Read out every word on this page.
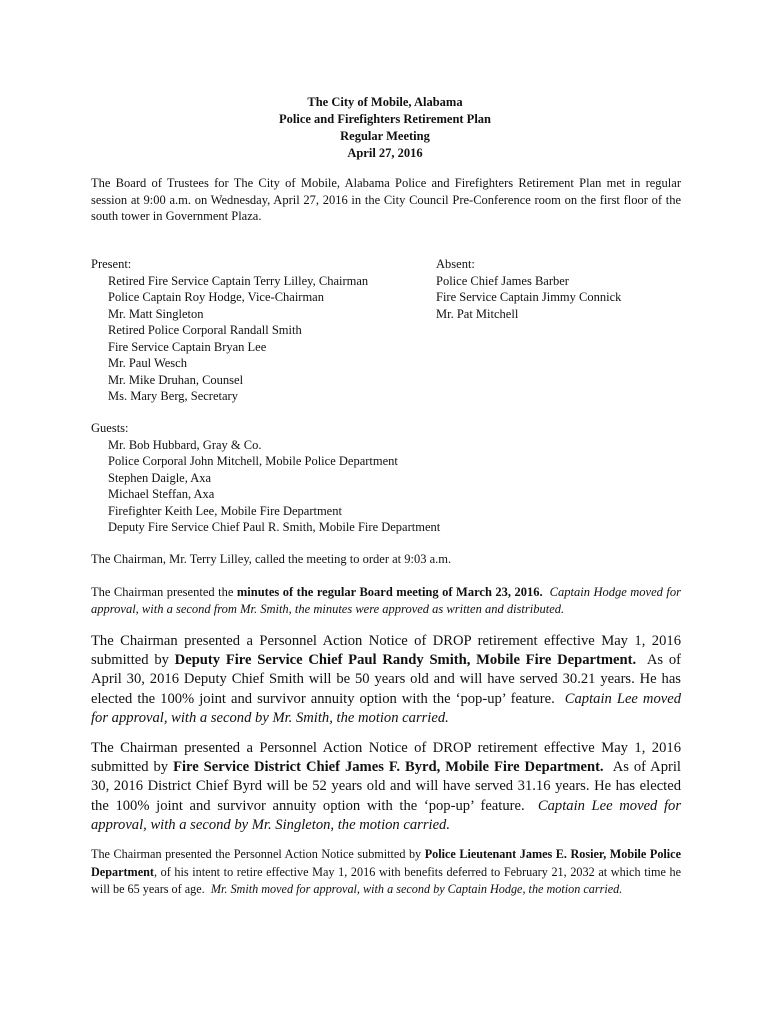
The City of Mobile, Alabama
Police and Firefighters Retirement Plan
Regular Meeting
April 27, 2016
The Board of Trustees for The City of Mobile, Alabama Police and Firefighters Retirement Plan met in regular session at 9:00 a.m. on Wednesday, April 27, 2016 in the City Council Pre-Conference room on the first floor of the south tower in Government Plaza.
Present:
Retired Fire Service Captain Terry Lilley, Chairman
Police Captain Roy Hodge, Vice-Chairman
Mr. Matt Singleton
Retired Police Corporal Randall Smith
Fire Service Captain Bryan Lee
Mr. Paul Wesch
Mr. Mike Druhan, Counsel
Ms. Mary Berg, Secretary
Absent:
Police Chief James Barber
Fire Service Captain Jimmy Connick
Mr. Pat Mitchell
Guests:
Mr. Bob Hubbard, Gray & Co.
Police Corporal John Mitchell, Mobile Police Department
Stephen Daigle, Axa
Michael Steffan, Axa
Firefighter Keith Lee, Mobile Fire Department
Deputy Fire Service Chief Paul R. Smith, Mobile Fire Department
The Chairman, Mr. Terry Lilley, called the meeting to order at 9:03 a.m.
The Chairman presented the minutes of the regular Board meeting of March 23, 2016. Captain Hodge moved for approval, with a second from Mr. Smith, the minutes were approved as written and distributed.
The Chairman presented a Personnel Action Notice of DROP retirement effective May 1, 2016 submitted by Deputy Fire Service Chief Paul Randy Smith, Mobile Fire Department. As of April 30, 2016 Deputy Chief Smith will be 50 years old and will have served 30.21 years. He has elected the 100% joint and survivor annuity option with the ‘pop-up’ feature. Captain Lee moved for approval, with a second by Mr. Smith, the motion carried.
The Chairman presented a Personnel Action Notice of DROP retirement effective May 1, 2016 submitted by Fire Service District Chief James F. Byrd, Mobile Fire Department. As of April 30, 2016 District Chief Byrd will be 52 years old and will have served 31.16 years. He has elected the 100% joint and survivor annuity option with the ‘pop-up’ feature. Captain Lee moved for approval, with a second by Mr. Singleton, the motion carried.
The Chairman presented the Personnel Action Notice submitted by Police Lieutenant James E. Rosier, Mobile Police Department, of his intent to retire effective May 1, 2016 with benefits deferred to February 21, 2032 at which time he will be 65 years of age. Mr. Smith moved for approval, with a second by Captain Hodge, the motion carried.
